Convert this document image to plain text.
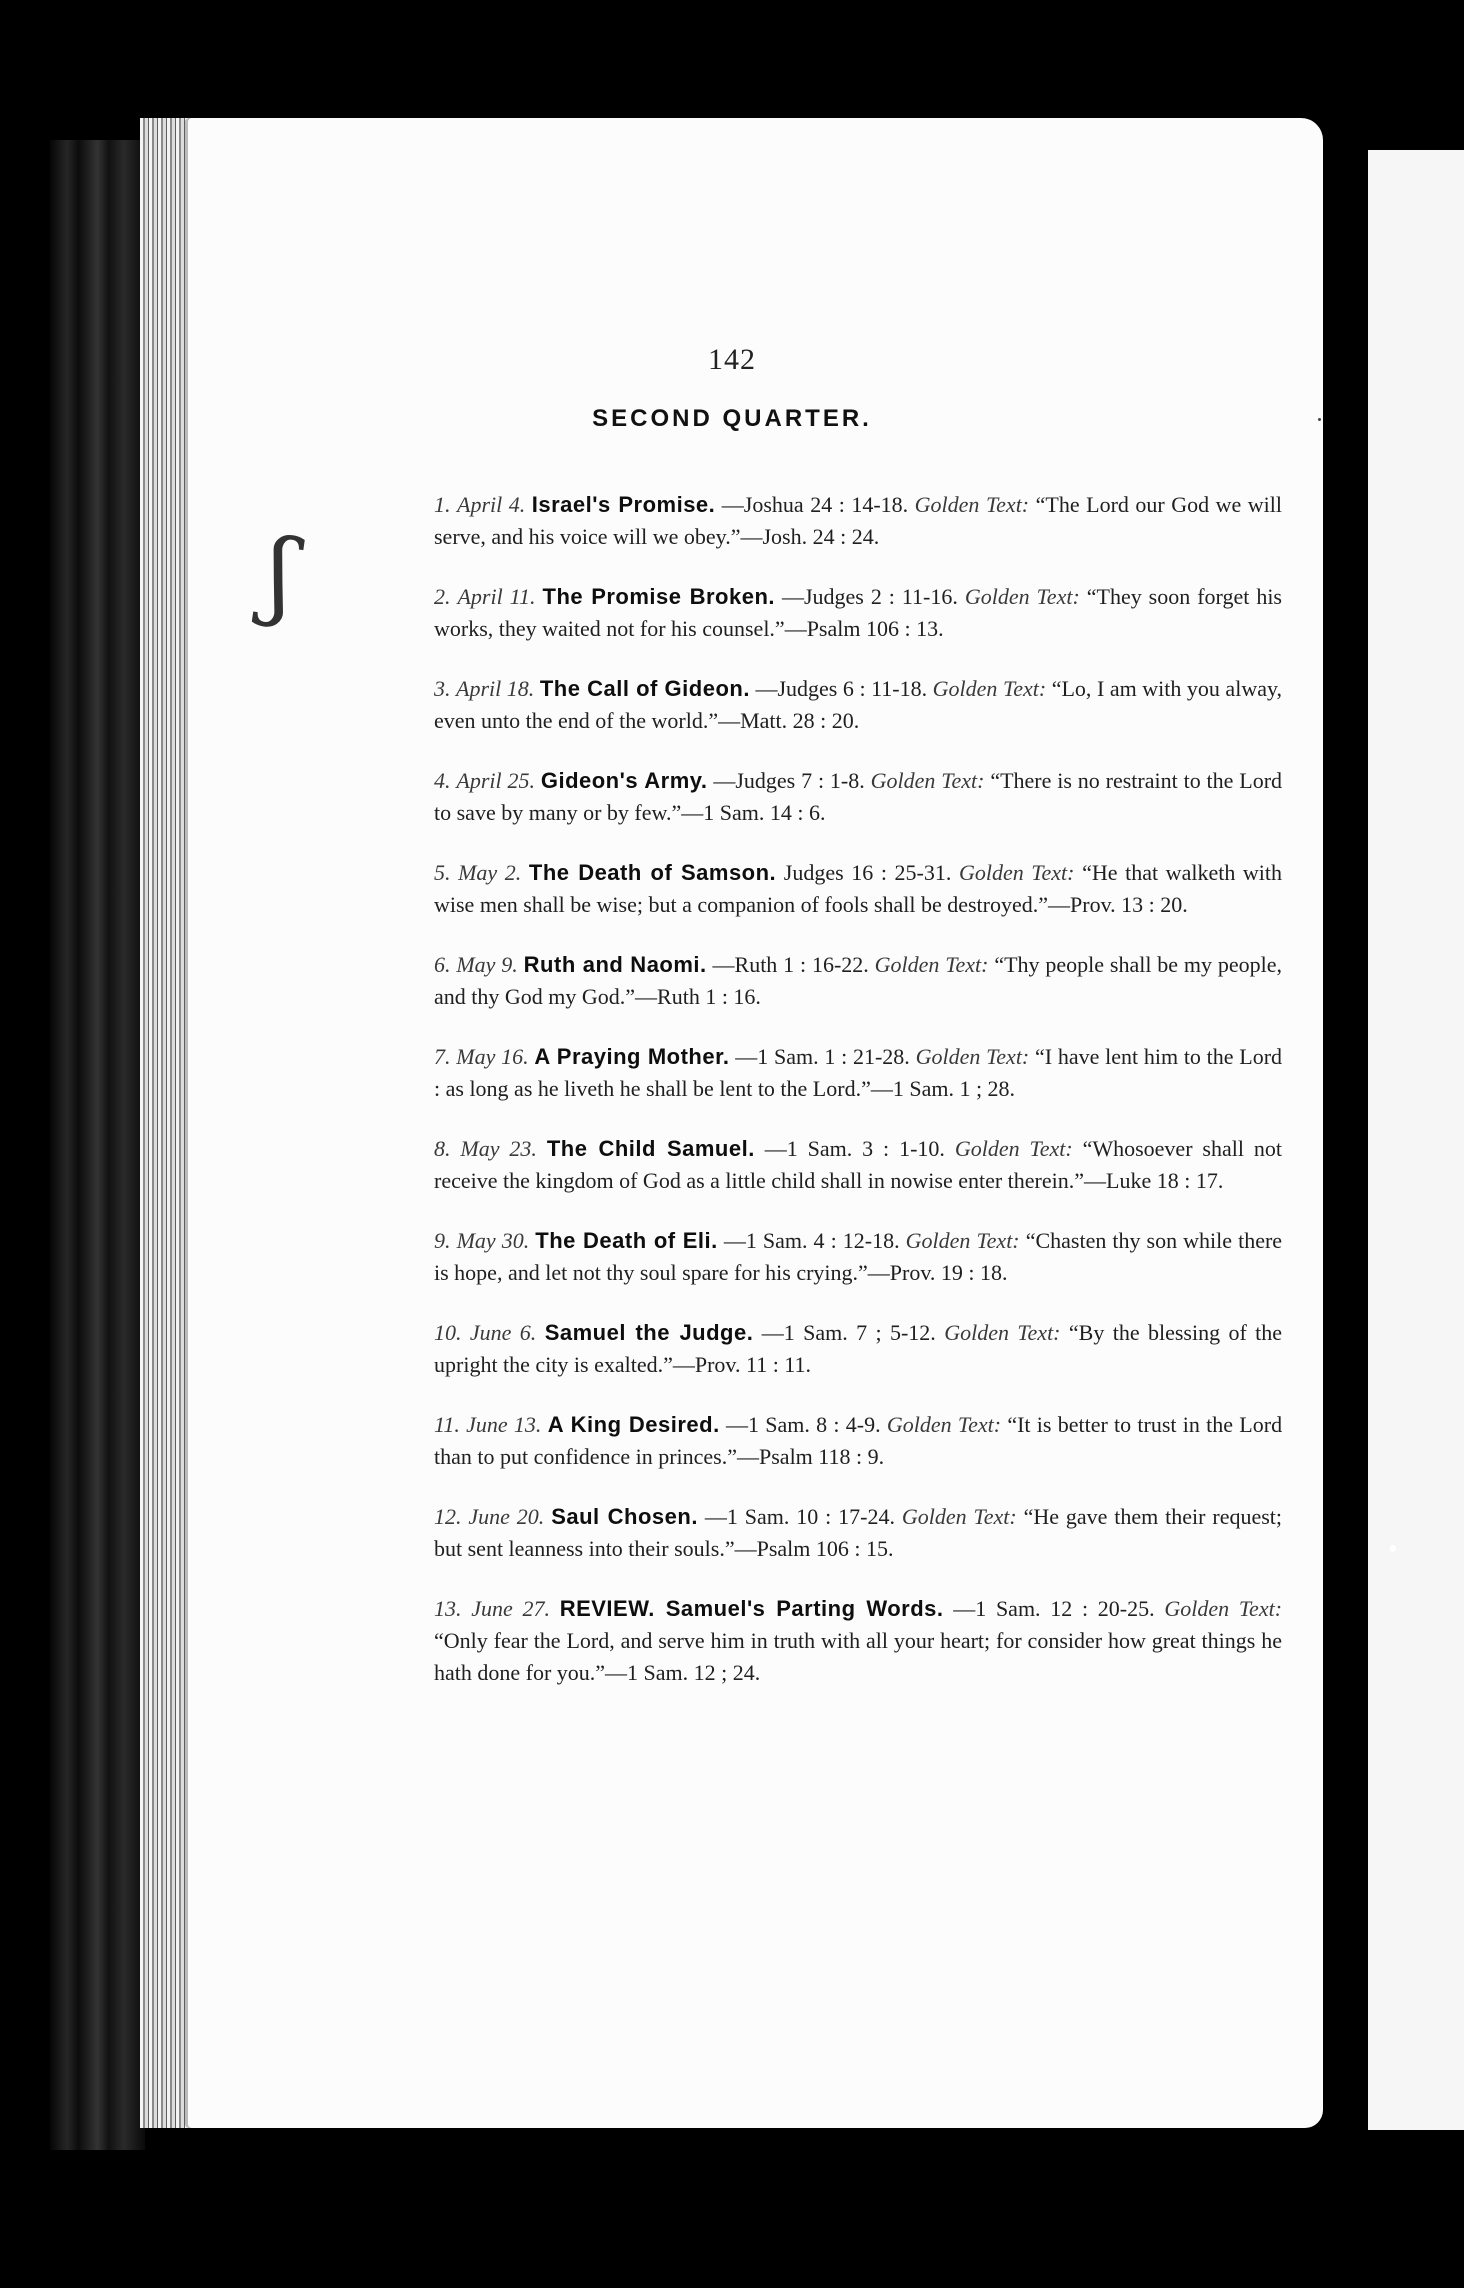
ʃ
142
SECOND QUARTER.

1. April 4. Israel's Promise. —Joshua 24 : 14-18. Golden Text: “The Lord our God we will serve, and his voice will we obey.”—Josh. 24 : 24.

2. April 11. The Promise Broken. —Judges 2 : 11-16. Golden Text: “They soon forget his works, they waited not for his counsel.”—Psalm 106 : 13.

3. April 18. The Call of Gideon. —Judges 6 : 11-18. Golden Text: “Lo, I am with you alway, even unto the end of the world.”—Matt. 28 : 20.

4. April 25. Gideon's Army. —Judges 7 : 1-8. Golden Text: “There is no restraint to the Lord to save by many or by few.”—1 Sam. 14 : 6.

5. May 2. The Death of Samson. Judges 16 : 25-31. Golden Text: “He that walketh with wise men shall be wise; but a companion of fools shall be destroyed.”—Prov. 13 : 20.

6. May 9. Ruth and Naomi. —Ruth 1 : 16-22. Golden Text: “Thy people shall be my people, and thy God my God.”—Ruth 1 : 16.

7. May 16. A Praying Mother. —1 Sam. 1 : 21-28. Golden Text: “I have lent him to the Lord : as long as he liveth he shall be lent to the Lord.”—1 Sam. 1 ; 28.

8. May 23. The Child Samuel. —1 Sam. 3 : 1-10. Golden Text: “Whosoever shall not receive the kingdom of God as a little child shall in nowise enter therein.”—Luke 18 : 17.

9. May 30. The Death of Eli. —1 Sam. 4 : 12-18. Golden Text: “Chasten thy son while there is hope, and let not thy soul spare for his crying.”—Prov. 19 : 18.

10. June 6. Samuel the Judge. —1 Sam. 7 ; 5-12. Golden Text: “By the blessing of the upright the city is exalted.”—Prov. 11 : 11.

11. June 13. A King Desired. —1 Sam. 8 : 4-9. Golden Text: “It is better to trust in the Lord than to put confidence in princes.”—Psalm 118 : 9.

12. June 20. Saul Chosen. —1 Sam. 10 : 17-24. Golden Text: “He gave them their request; but sent leanness into their souls.”—Psalm 106 : 15.

13. June 27. REVIEW. Samuel's Parting Words. —1 Sam. 12 : 20-25. Golden Text: “Only fear the Lord, and serve him in truth with all your heart; for consider how great things he hath done for you.”—1 Sam. 12 ; 24.
